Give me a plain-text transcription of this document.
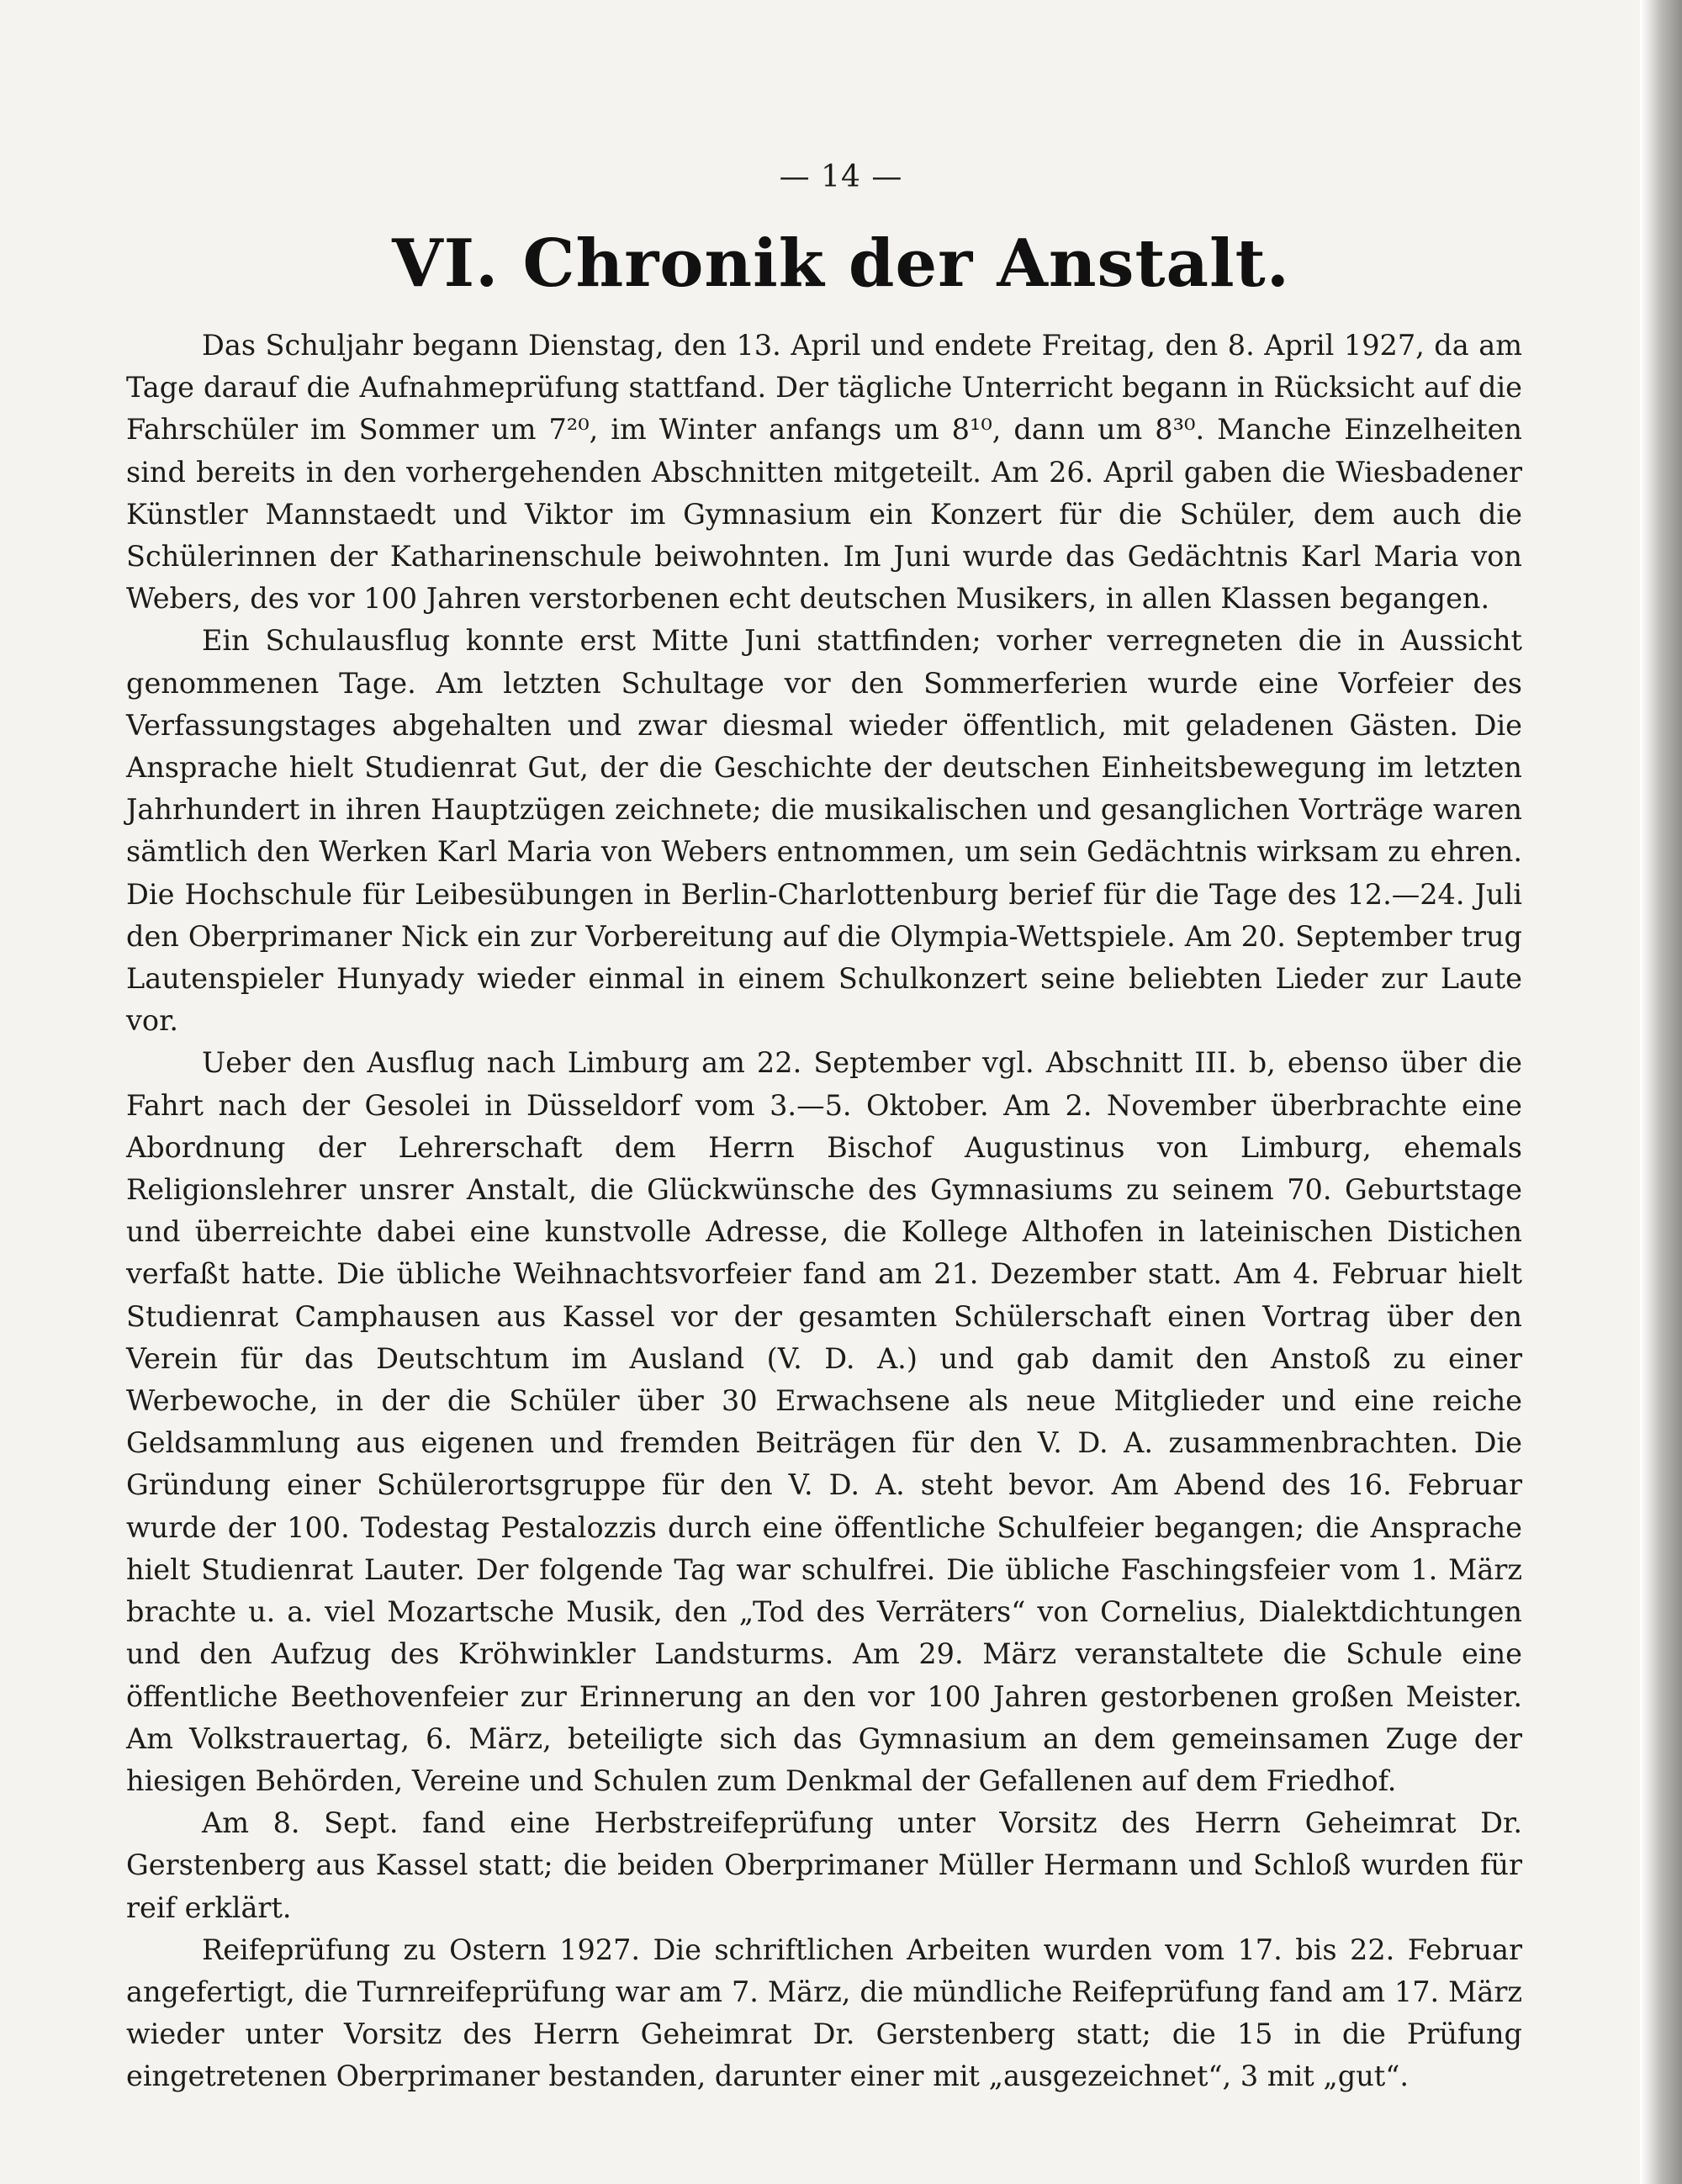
— 14 —
VI. Chronik der Anstalt.

Das Schuljahr begann Dienstag, den 13. April und endete Freitag, den 8. April 1927, da am Tage darauf die Aufnahmeprüfung stattfand. Der tägliche Unterricht begann in Rücksicht auf die Fahrschüler im Sommer um 7²⁰, im Winter anfangs um 8¹⁰, dann um 8³⁰. Manche Einzelheiten sind bereits in den vorhergehenden Abschnitten mitgeteilt. Am 26. April gaben die Wiesbadener Künstler Mannstaedt und Viktor im Gymnasium ein Konzert für die Schüler, dem auch die Schülerinnen der Katharinenschule beiwohnten. Im Juni wurde das Gedächtnis Karl Maria von Webers, des vor 100 Jahren verstorbenen echt deutschen Musikers, in allen Klassen begangen.

Ein Schulausflug konnte erst Mitte Juni stattfinden; vorher verregneten die in Aussicht genommenen Tage. Am letzten Schultage vor den Sommerferien wurde eine Vorfeier des Verfassungstages abgehalten und zwar diesmal wieder öffentlich, mit geladenen Gästen. Die Ansprache hielt Studienrat Gut, der die Geschichte der deutschen Einheitsbewegung im letzten Jahrhundert in ihren Hauptzügen zeichnete; die musikalischen und gesanglichen Vorträge waren sämtlich den Werken Karl Maria von Webers entnommen, um sein Gedächtnis wirksam zu ehren. Die Hochschule für Leibesübungen in Berlin-Charlottenburg berief für die Tage des 12.—24. Juli den Oberprimaner Nick ein zur Vorbereitung auf die Olympia-Wettspiele. Am 20. September trug Lautenspieler Hunyady wieder einmal in einem Schulkonzert seine beliebten Lieder zur Laute vor.

Ueber den Ausflug nach Limburg am 22. September vgl. Abschnitt III. b, ebenso über die Fahrt nach der Gesolei in Düsseldorf vom 3.—5. Oktober. Am 2. November überbrachte eine Abordnung der Lehrerschaft dem Herrn Bischof Augustinus von Limburg, ehemals Religionslehrer unsrer Anstalt, die Glückwünsche des Gymnasiums zu seinem 70. Geburtstage und überreichte dabei eine kunstvolle Adresse, die Kollege Althofen in lateinischen Distichen verfaßt hatte. Die übliche Weihnachtsvorfeier fand am 21. Dezember statt. Am 4. Februar hielt Studienrat Camphausen aus Kassel vor der gesamten Schülerschaft einen Vortrag über den Verein für das Deutschtum im Ausland (V. D. A.) und gab damit den Anstoß zu einer Werbewoche, in der die Schüler über 30 Erwachsene als neue Mitglieder und eine reiche Geldsammlung aus eigenen und fremden Beiträgen für den V. D. A. zusammenbrachten. Die Gründung einer Schülerortsgruppe für den V. D. A. steht bevor. Am Abend des 16. Februar wurde der 100. Todestag Pestalozzis durch eine öffentliche Schulfeier begangen; die Ansprache hielt Studienrat Lauter. Der folgende Tag war schulfrei. Die übliche Faschingsfeier vom 1. März brachte u. a. viel Mozartsche Musik, den „Tod des Verräters“ von Cornelius, Dialektdichtungen und den Aufzug des Kröhwinkler Landsturms. Am 29. März veranstaltete die Schule eine öffentliche Beethovenfeier zur Erinnerung an den vor 100 Jahren gestorbenen großen Meister. Am Volkstrauertag, 6. März, beteiligte sich das Gymnasium an dem gemeinsamen Zuge der hiesigen Behörden, Vereine und Schulen zum Denkmal der Gefallenen auf dem Friedhof.

Am 8. Sept. fand eine Herbstreifeprüfung unter Vorsitz des Herrn Geheimrat Dr. Gerstenberg aus Kassel statt; die beiden Oberprimaner Müller Hermann und Schloß wurden für reif erklärt.

Reifeprüfung zu Ostern 1927. Die schriftlichen Arbeiten wurden vom 17. bis 22. Februar angefertigt, die Turnreifeprüfung war am 7. März, die mündliche Reifeprüfung fand am 17. März wieder unter Vorsitz des Herrn Geheimrat Dr. Gerstenberg statt; die 15 in die Prüfung eingetretenen Oberprimaner bestanden, darunter einer mit „ausgezeichnet“, 3 mit „gut“.
